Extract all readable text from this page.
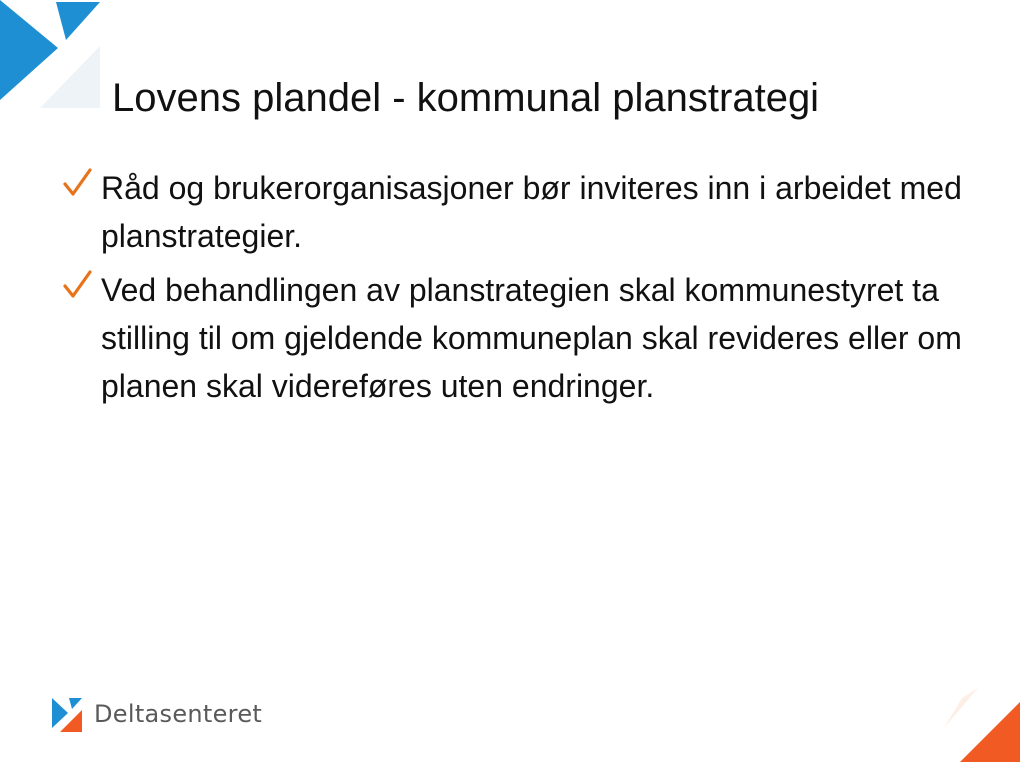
Lovens plandel - kommunal planstrategi
Råd og brukerorganisasjoner bør inviteres inn i arbeidet med planstrategier.
Ved behandlingen av planstrategien skal kommunestyret ta stilling til om gjeldende kommuneplan skal revideres eller om planen skal videreføres uten endringer.
Deltasenteret
